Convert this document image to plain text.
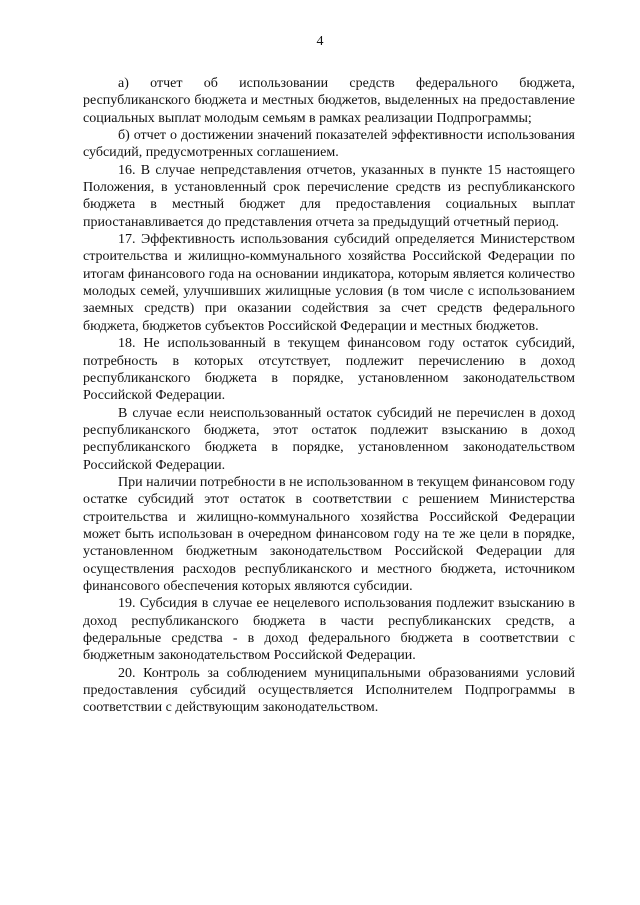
4

а) отчет об использовании средств федерального бюджета, республиканского бюджета и местных бюджетов, выделенных на предоставление социальных выплат молодым семьям в рамках реализации Подпрограммы;

б) отчет о достижении значений показателей эффективности использования субсидий, предусмотренных соглашением.

16. В случае непредставления отчетов, указанных в пункте 15 настоящего Положения, в установленный срок перечисление средств из республиканского бюджета в местный бюджет для предоставления социальных выплат приостанавливается до представления отчета за предыдущий отчетный период.

17. Эффективность использования субсидий определяется Министерством строительства и жилищно-коммунального хозяйства Российской Федерации по итогам финансового года на основании индикатора, которым является количество молодых семей, улучшивших жилищные условия (в том числе с использованием заемных средств) при оказании содействия за счет средств федерального бюджета, бюджетов субъектов Российской Федерации и местных бюджетов.

18. Не использованный в текущем финансовом году остаток субсидий, потребность в которых отсутствует, подлежит перечислению в доход республиканского бюджета в порядке, установленном законодательством Российской Федерации.

В случае если неиспользованный остаток субсидий не перечислен в доход республиканского бюджета, этот остаток подлежит взысканию в доход республиканского бюджета в порядке, установленном законодательством Российской Федерации.

При наличии потребности в не использованном в текущем финансовом году остатке субсидий этот остаток в соответствии с решением Министерства строительства и жилищно-коммунального хозяйства Российской Федерации может быть использован в очередном финансовом году на те же цели в порядке, установленном бюджетным законодательством Российской Федерации для осуществления расходов республиканского и местного бюджета, источником финансового обеспечения которых являются субсидии.

19. Субсидия в случае ее нецелевого использования подлежит взысканию в доход республиканского бюджета в части республиканских средств, а федеральные средства - в доход федерального бюджета в соответствии с бюджетным законодательством Российской Федерации.

20. Контроль за соблюдением муниципальными образованиями условий предоставления субсидий осуществляется Исполнителем Подпрограммы в соответствии с действующим законодательством.
